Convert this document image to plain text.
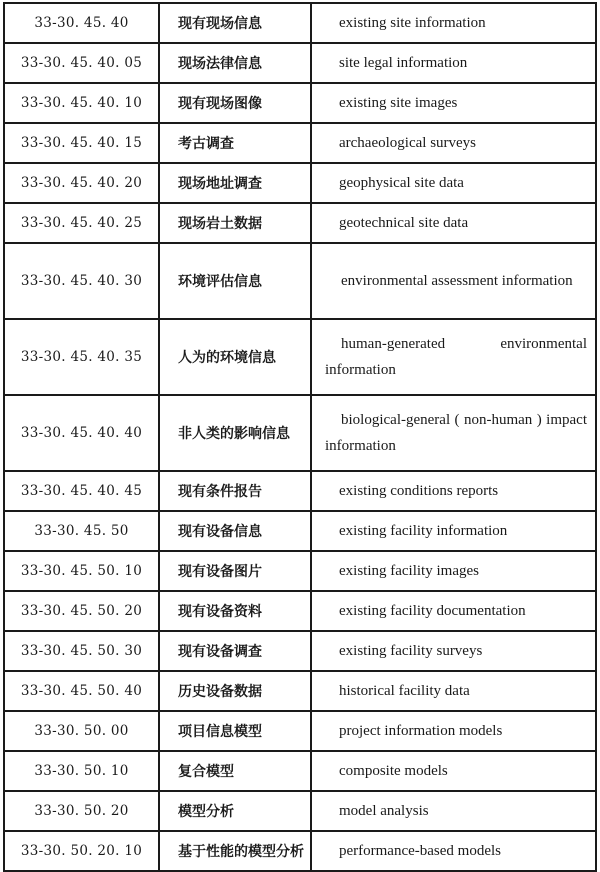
33-30. 45. 40	现有现场信息	existing site information
33-30. 45. 40. 05	现场法律信息	site legal information
33-30. 45. 40. 10	现有现场图像	existing site images
33-30. 45. 40. 15	考古调查	archaeological surveys
33-30. 45. 40. 20	现场地址调查	geophysical site data
33-30. 45. 40. 25	现场岩土数据	geotechnical site data
33-30. 45. 40. 30	环境评估信息	environmental assessment information
33-30. 45. 40. 35	人为的环境信息	human-generated environmental information
33-30. 45. 40. 40	非人类的影响信息	biological-general ( non-human ) impact information
33-30. 45. 40. 45	现有条件报告	existing conditions reports
33-30. 45. 50	现有设备信息	existing facility information
33-30. 45. 50. 10	现有设备图片	existing facility images
33-30. 45. 50. 20	现有设备资料	existing facility documentation
33-30. 45. 50. 30	现有设备调查	existing facility surveys
33-30. 45. 50. 40	历史设备数据	historical facility data
33-30. 50. 00	项目信息模型	project information models
33-30. 50. 10	复合模型	composite models
33-30. 50. 20	模型分析	model analysis
33-30. 50. 20. 10	基于性能的模型分析	performance-based models
